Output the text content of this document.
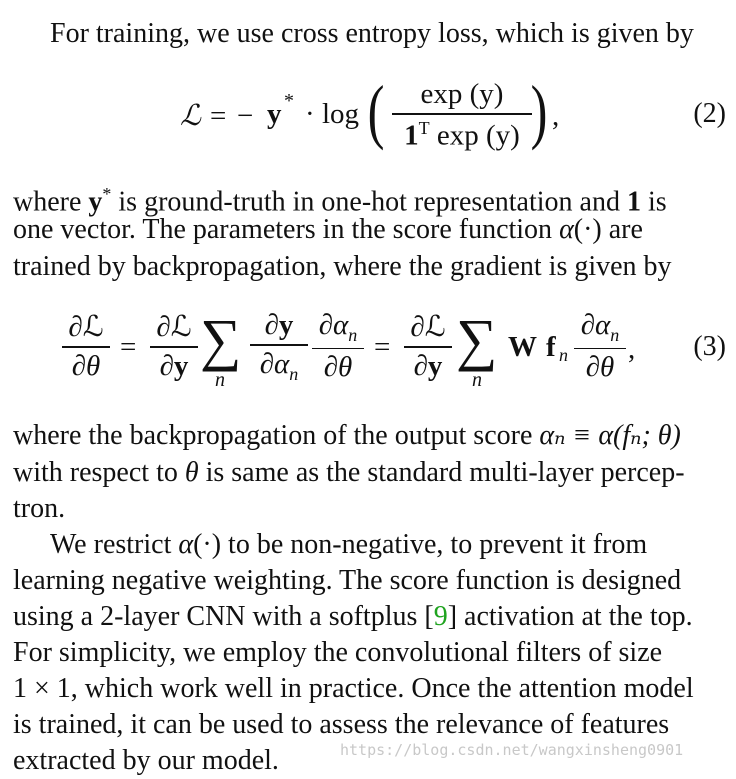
For training, we use cross entropy loss, which is given by
ℒ = − y * · log (	exp (y)
$1^T$ exp (y) ) ,	(2)
where y* is ground-truth in one-hot representation and 1 is
one vector. The parameters in the score function α(·) are
trained by backpropagation, where the gradient is given by
∂ℒ
∂θ
=
∂ℒ
∂y ∑
n
∂y
$\partial\alpha_n$
$\partial\alpha_n$
∂θ
=
∂ℒ
∂y ∑
n
W f n
$\partial\alpha_n$
∂θ
, (3)
where the backpropagation of the output score αₙ ≡ α(fₙ; θ)
with respect to θ is same as the standard multi-layer percep-
tron.
We restrict α(·) to be non-negative, to prevent it from
learning negative weighting. The score function is designed
using a 2-layer CNN with a softplus [9] activation at the top.
For simplicity, we employ the convolutional filters of size
1 × 1, which work well in practice. Once the attention model
is trained, it can be used to assess the relevance of features
extracted by our model.	https://blog.csdn.net/wangxinsheng0901
